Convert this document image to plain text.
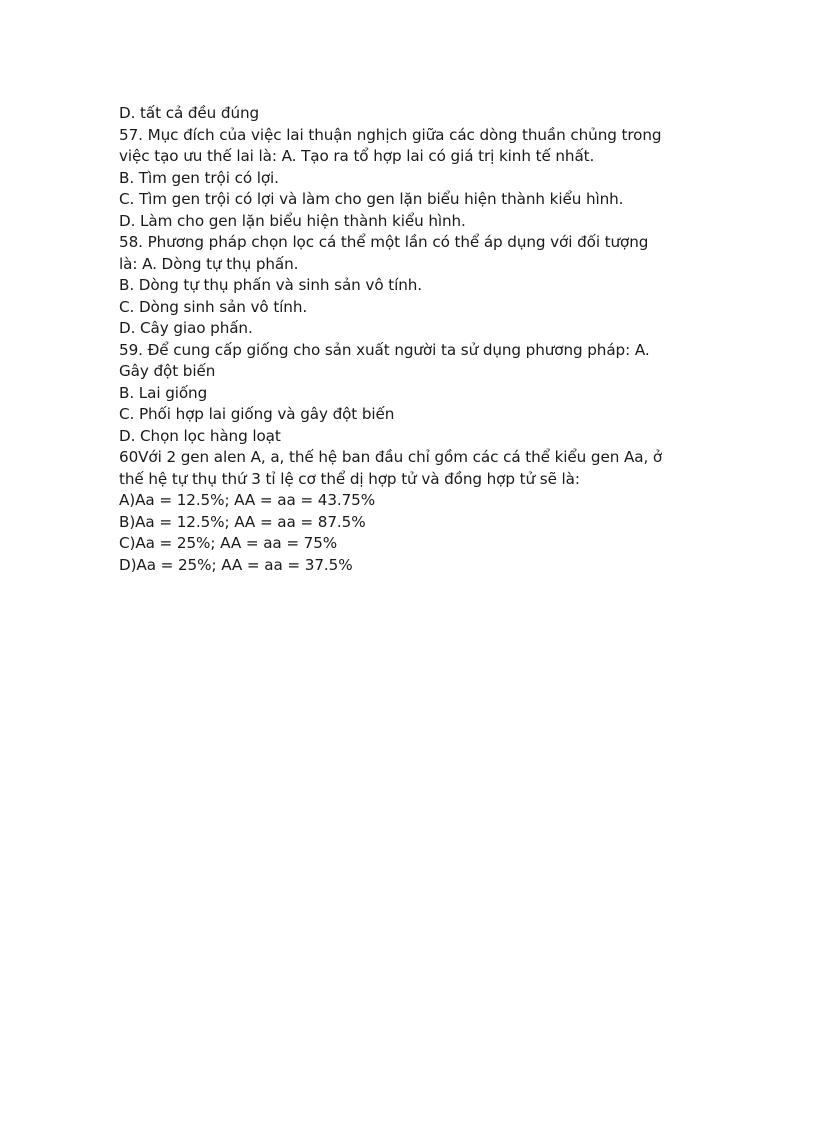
D. tất cả đều đúng
57. Mục đích của việc lai thuận nghịch giữa các dòng thuần chủng trong
việc tạo ưu thế lai là: A. Tạo ra tổ hợp lai có giá trị kinh tế nhất.
B. Tìm gen trội có lợi.
C. Tìm gen trội có lợi và làm cho gen lặn biểu hiện thành kiểu hình.
D. Làm cho gen lặn biểu hiện thành kiểu hình.
58. Phương pháp chọn lọc cá thể một lần có thể áp dụng với đối tượng
là: A. Dòng tự thụ phấn.
B. Dòng tự thụ phấn và sinh sản vô tính.
C. Dòng sinh sản vô tính.
D. Cây giao phấn.
59. Để cung cấp giống cho sản xuất người ta sử dụng phương pháp: A.
Gây đột biến
B. Lai giống
C. Phối hợp lai giống và gây đột biến
D. Chọn lọc hàng loạt
60Với 2 gen alen A, a, thế hệ ban đầu chỉ gồm các cá thể kiểu gen Aa, ở
thế hệ tự thụ thứ 3 tỉ lệ cơ thể dị hợp tử và đồng hợp tử sẽ là:
A)Aa = 12.5%; AA = aa = 43.75%
B)Aa = 12.5%; AA = aa = 87.5%
C)Aa = 25%; AA = aa = 75%
D)Aa = 25%; AA = aa = 37.5%
